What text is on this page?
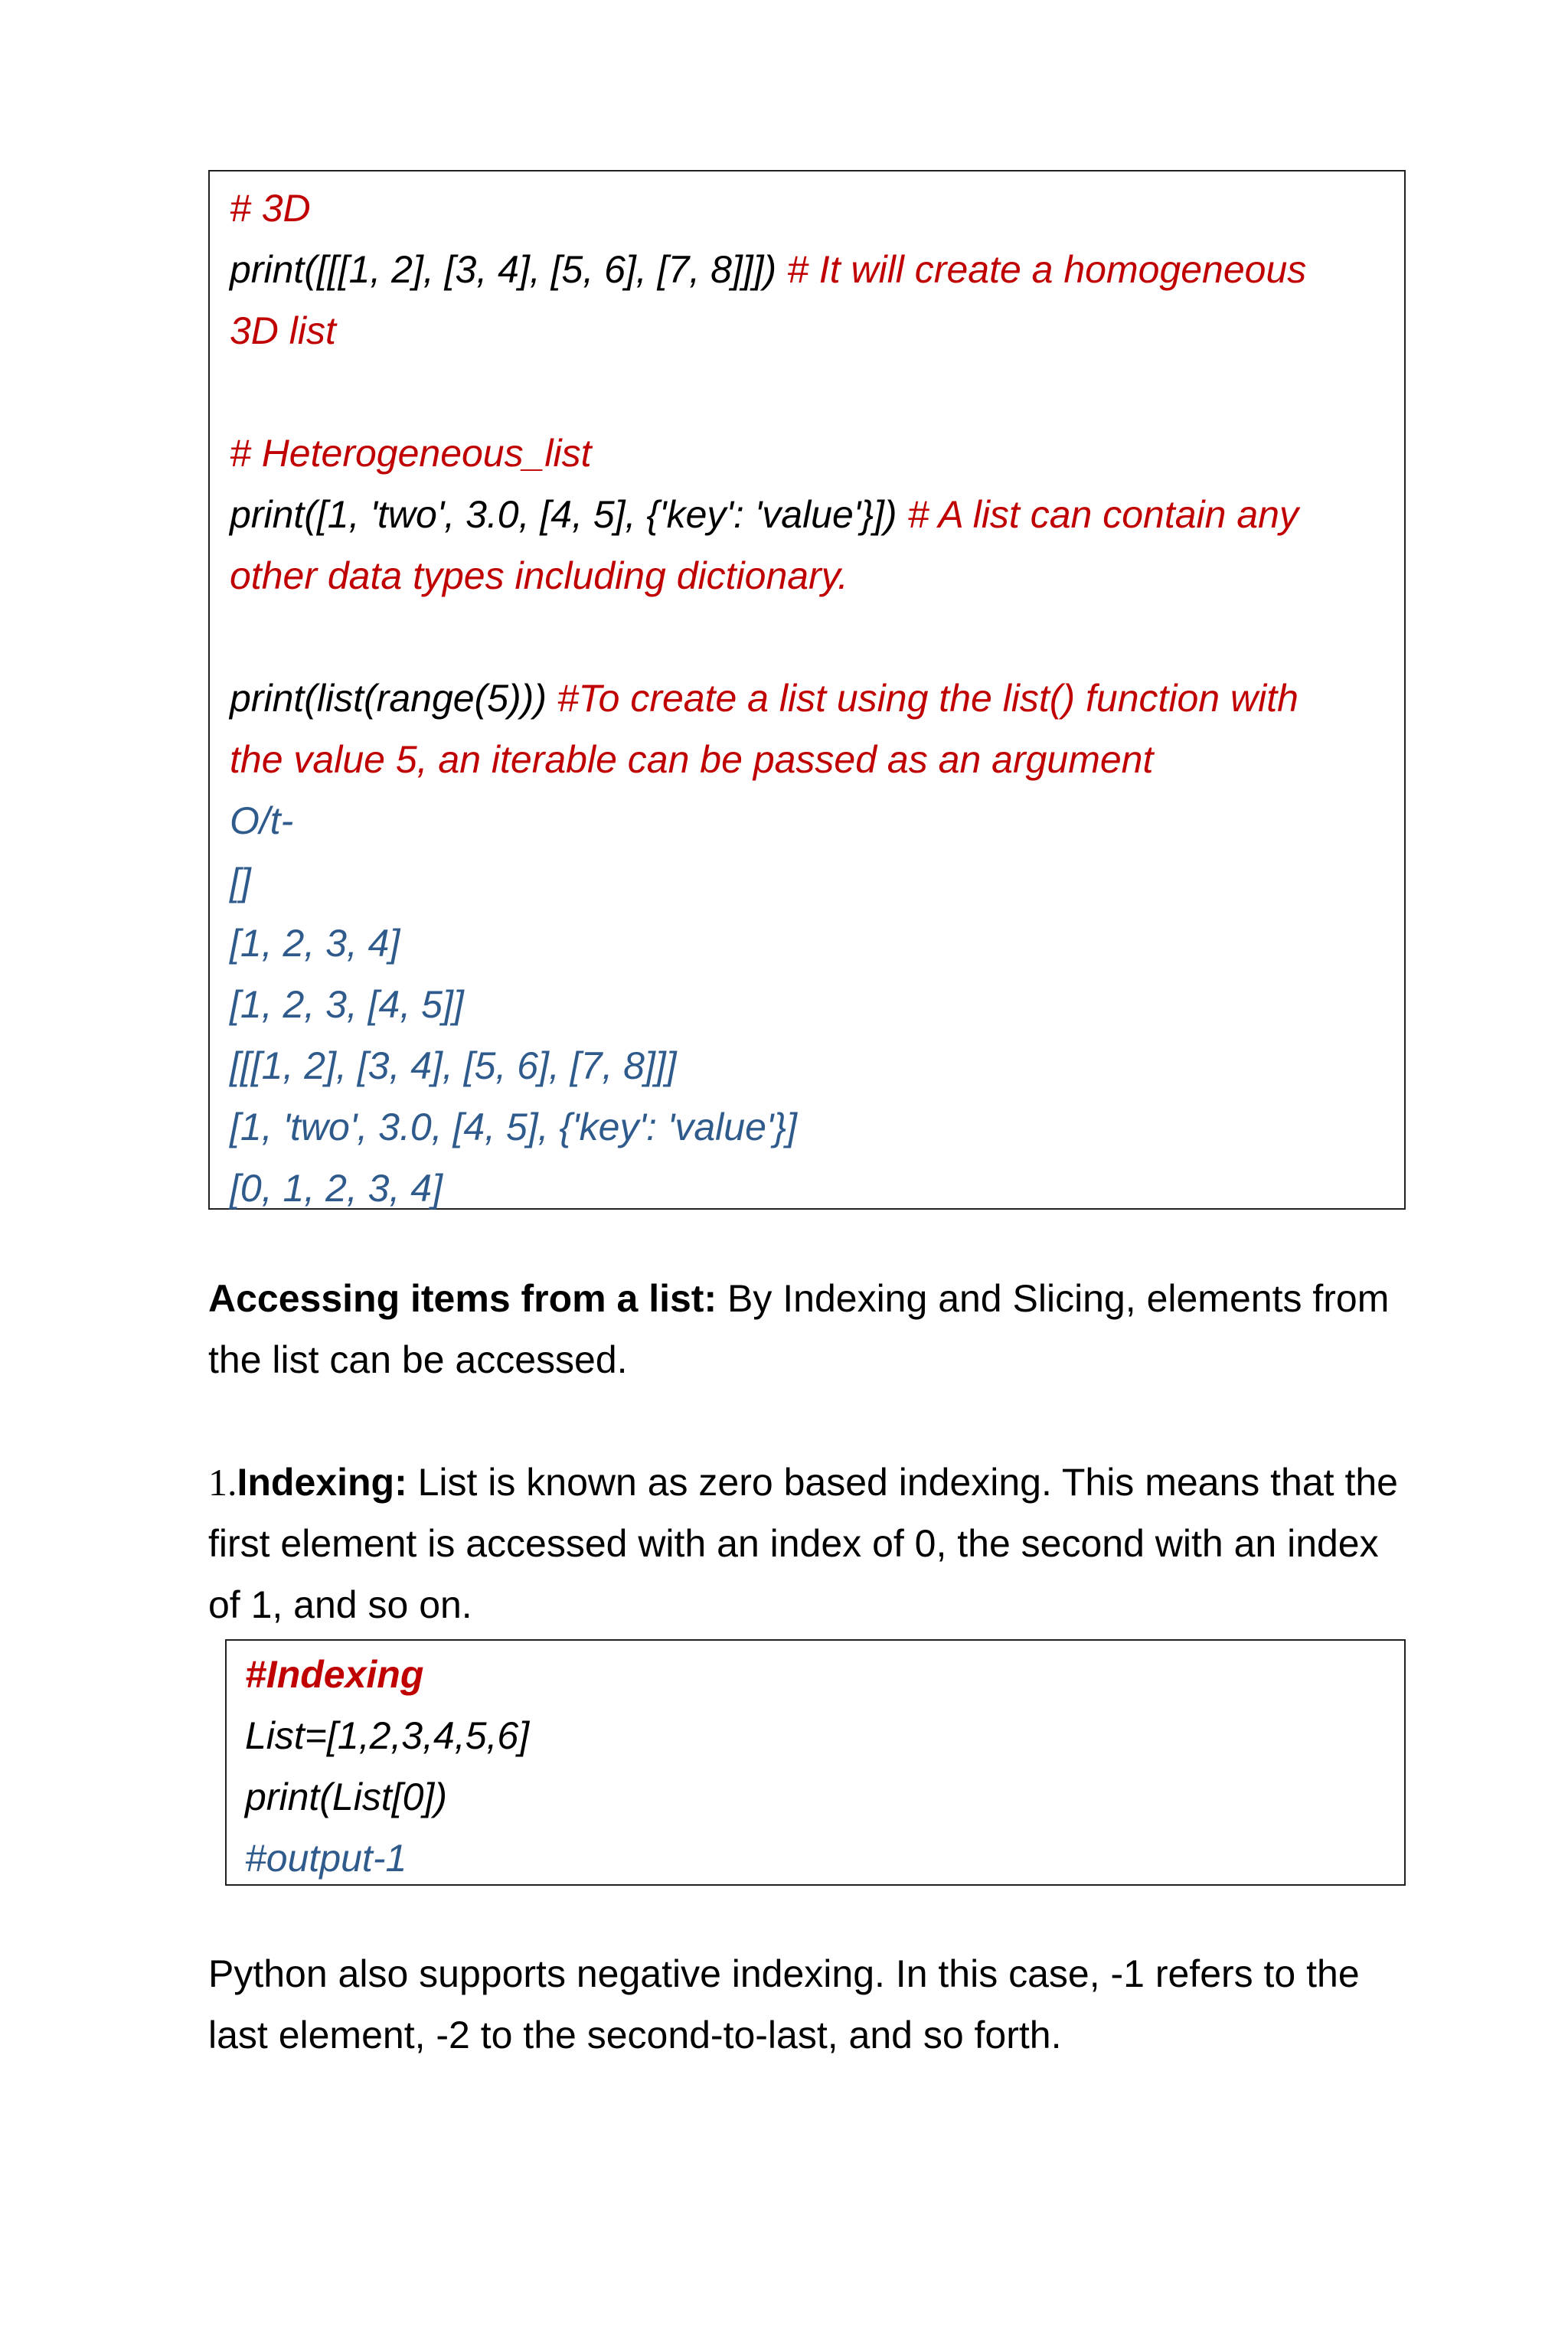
# 3D
print([[[1, 2], [3, 4], [5, 6], [7, 8]]]) # It will create a homogeneous
3D list
# Heterogeneous_list
print([1, 'two', 3.0, [4, 5], {'key': 'value'}]) # A list can contain any
other data types including dictionary.
print(list(range(5))) #To create a list using the list() function with
the value 5, an iterable can be passed as an argument
O/t-
[]
[1, 2, 3, 4]
[1, 2, 3, [4, 5]]
[[[1, 2], [3, 4], [5, 6], [7, 8]]]
[1, 'two', 3.0, [4, 5], {'key': 'value'}]
[0, 1, 2, 3, 4]

Accessing items from a list: By Indexing and Slicing, elements from
the list can be accessed.

1.Indexing: List is known as zero based indexing. This means that the
first element is accessed with an index of 0, the second with an index
of 1, and so on.

#Indexing
List=[1,2,3,4,5,6]
print(List[0])
#output-1

Python also supports negative indexing. In this case, -1 refers to the
last element, -2 to the second-to-last, and so forth.
